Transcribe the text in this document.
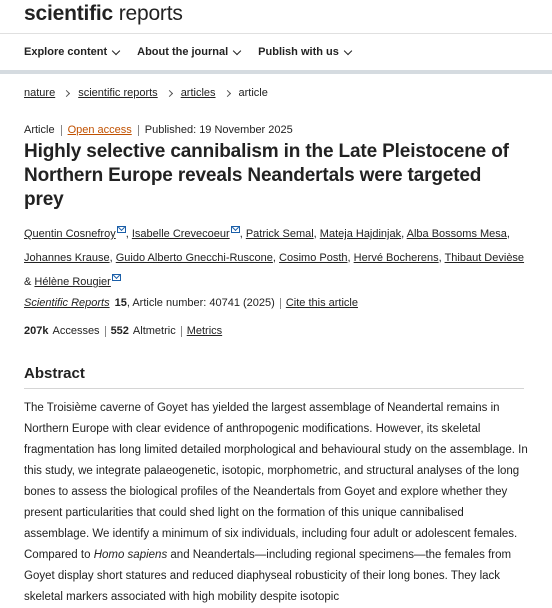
scientific reports
Explore content	About the journal	Publish with us
nature scientific reports articles article
Article Open access Published: 19 November 2025
Highly selective cannibalism in the Late Pleistocene of Northern Europe reveals Neandertals were targeted prey
Quentin Cosnefroy , Isabelle Crevecoeur , Patrick Semal, Mateja Hajdinjak, Alba Bossoms Mesa, Johannes Krause, Guido Alberto Gnecchi-Ruscone, Cosimo Posth, Hervé Bocherens, Thibaut Devièse & Hélène Rougier
Scientific Reports 15 , Article number: 40741 (2025) Cite this article
207k Accesses 552 Altmetric Metrics
Abstract

The Troisième caverne of Goyet has yielded the largest assemblage of Neandertal remains in Northern Europe with clear evidence of anthropogenic modifications. However, its skeletal fragmentation has long limited detailed morphological and behavioural study on the assemblage. In this study, we integrate palaeogenetic, isotopic, morphometric, and structural analyses of the long bones to assess the biological profiles of the Neandertals from Goyet and explore whether they present particularities that could shed light on the formation of this unique cannibalised assemblage. We identify a minimum of six individuals, including four adult or adolescent females. Compared to Homo sapiens and Neandertals—including regional specimens—the females from Goyet display short statures and reduced diaphyseal robusticity of their long bones. They lack skeletal markers associated with high mobility despite isotopic
